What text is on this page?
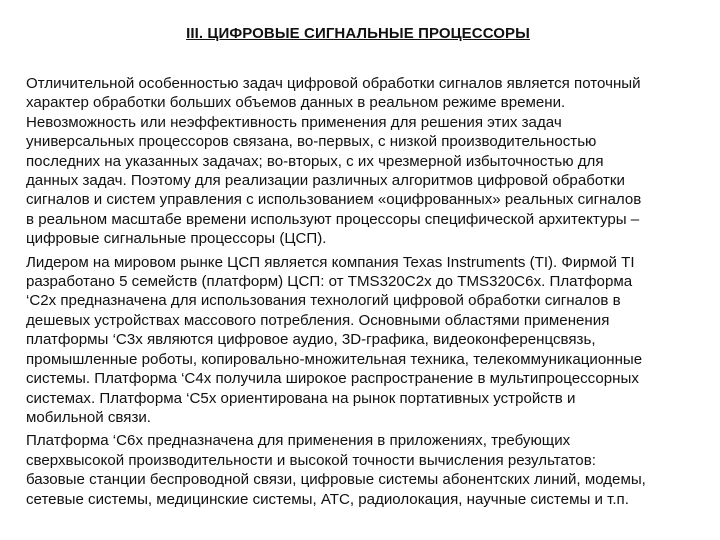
III. ЦИФРОВЫЕ СИГНАЛЬНЫЕ ПРОЦЕССОРЫ

Отличительной особенностью задач цифровой обработки сигналов является поточный
характер обработки больших объемов данных в реальном режиме времени.
Невозможность или неэффективность применения для решения этих задач
универсальных процессоров связана, во-первых, с низкой производительностью
последних на указанных задачах; во-вторых, с их чрезмерной избыточностью для
данных задач. Поэтому для реализации различных алгоритмов цифровой обработки
сигналов и систем управления с использованием «оцифрованных» реальных сигналов
в реальном масштабе времени используют процессоры специфической архитектуры –
цифровые сигнальные процессоры (ЦСП).

Лидером на мировом рынке ЦСП является компания Texas Instruments (TI). Фирмой TI
разработано 5 семейств (платформ) ЦСП: от TMS320C2x до TMS320C6x. Платформа
‘C2x предназначена для использования технологий цифровой обработки сигналов в
дешевых устройствах массового потребления. Основными областями применения
платформы ‘C3x являются цифровое аудио, 3D-графика, видеоконференцсвязь,
промышленные роботы, копировально-множительная техника, телекоммуникационные
системы. Платформа ‘C4x получила широкое распространение в мультипроцессорных
системах. Платформа ‘C5x ориентирована на рынок портативных устройств и
мобильной связи.

Платформа ‘C6x предназначена для применения в приложениях, требующих
сверхвысокой производительности и высокой точности вычисления результатов:
базовые станции беспроводной связи, цифровые системы абонентских линий, модемы,
сетевые системы, медицинские системы, АТС, радиолокация, научные системы и т.п.
